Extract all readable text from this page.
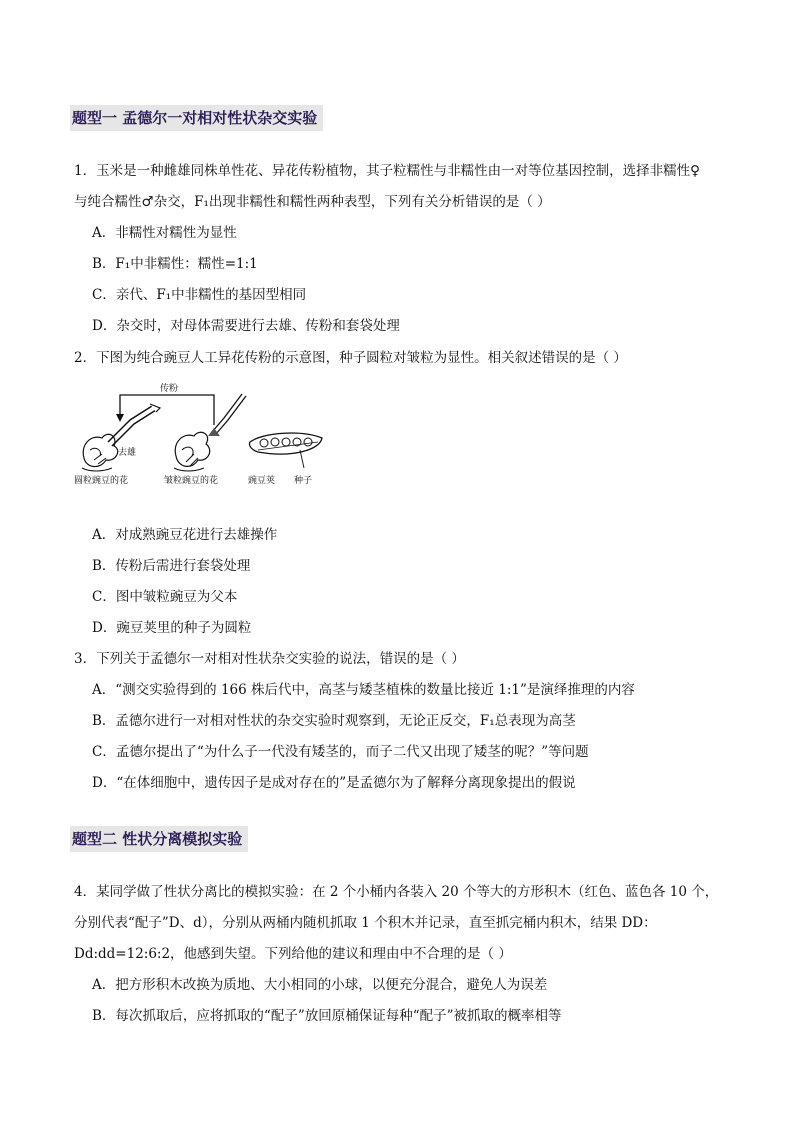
题型一 孟德尔一对相对性状杂交实验
1．玉米是一种雌雄同株单性花、异花传粉植物，其子粒糯性与非糯性由一对等位基因控制，选择非糯性♀
与纯合糯性♂杂交，F₁出现非糯性和糯性两种表型，下列有关分析错误的是（ ）
A．非糯性对糯性为显性
B．F₁中非糯性：糯性=1:1
C．亲代、F₁中非糯性的基因型相同
D．杂交时，对母体需要进行去雄、传粉和套袋处理
2．下图为纯合豌豆人工异花传粉的示意图，种子圆粒对皱粒为显性。相关叙述错误的是（ ）
传粉
去雄
圆粒豌豆的花	皱粒豌豆的花	豌豆荚 种子
A．对成熟豌豆花进行去雄操作
B．传粉后需进行套袋处理
C．图中皱粒豌豆为父本
D．豌豆荚里的种子为圆粒
3．下列关于孟德尔一对相对性状杂交实验的说法，错误的是（ ）
A．“测交实验得到的 166 株后代中，高茎与矮茎植株的数量比接近 1:1”是演绎推理的内容
B．孟德尔进行一对相对性状的杂交实验时观察到，无论正反交，F₁总表现为高茎
C．孟德尔提出了“为什么子一代没有矮茎的，而子二代又出现了矮茎的呢？”等问题
D．“在体细胞中，遗传因子是成对存在的”是孟德尔为了解释分离现象提出的假说
题型二 性状分离模拟实验
4．某同学做了性状分离比的模拟实验：在 2 个小桶内各装入 20 个等大的方形积木（红色、蓝色各 10 个，
分别代表“配子”D、d），分别从两桶内随机抓取 1 个积木并记录，直至抓完桶内积木，结果 DD：
Dd:dd=12:6:2，他感到失望。下列给他的建议和理由中不合理的是（ ）
A．把方形积木改换为质地、大小相同的小球，以便充分混合，避免人为误差
B．每次抓取后，应将抓取的“配子”放回原桶保证每种“配子”被抓取的概率相等
